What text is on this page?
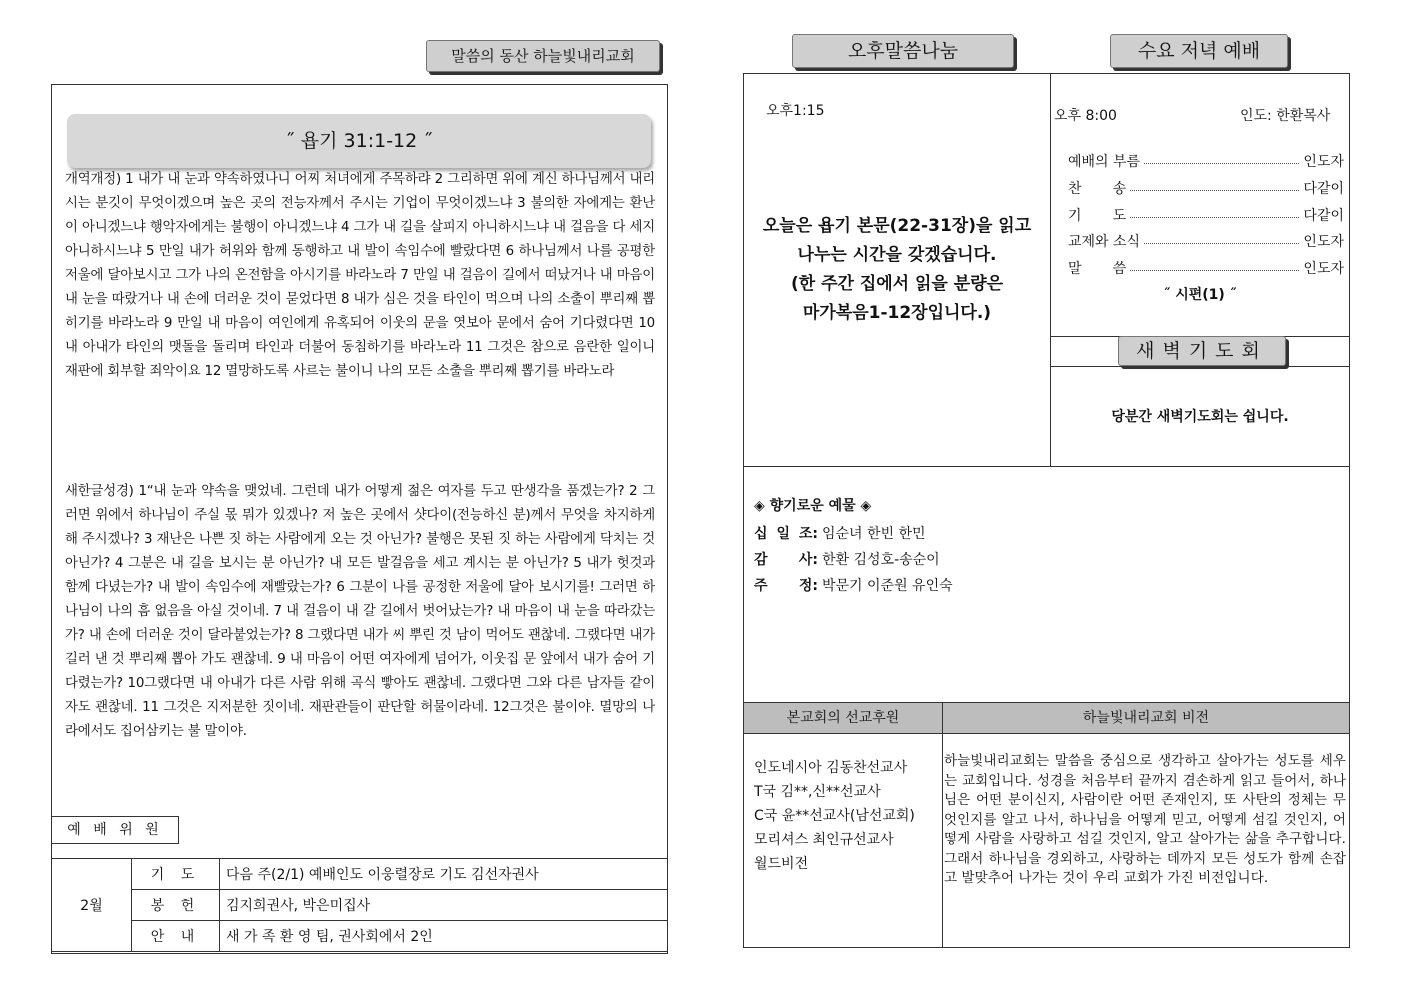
말씀의 동산 하늘빛내리교회
˝ 욥기 31:1-12 ˝
개역개정) 1 내가 내 눈과 약속하였나니 어찌 처녀에게 주목하랴 2 그리하면 위에 계신 하나님께서 내리시는 분깃이 무엇이겠으며 높은 곳의 전능자께서 주시는 기업이 무엇이겠느냐 3 불의한 자에게는 환난이 아니겠느냐 행악자에게는 불행이 아니겠느냐 4 그가 내 길을 살피지 아니하시느냐 내 걸음을 다 세지 아니하시느냐 5 만일 내가 허위와 함께 동행하고 내 발이 속임수에 빨랐다면 6 하나님께서 나를 공평한 저울에 달아보시고 그가 나의 온전함을 아시기를 바라노라 7 만일 내 걸음이 길에서 떠났거나 내 마음이 내 눈을 따랐거나 내 손에 더러운 것이 묻었다면 8 내가 심은 것을 타인이 먹으며 나의 소출이 뿌리째 뽑히기를 바라노라 9 만일 내 마음이 여인에게 유혹되어 이웃의 문을 엿보아 문에서 숨어 기다렸다면 10 내 아내가 타인의 맷돌을 돌리며 타인과 더불어 동침하기를 바라노라 11 그것은 참으로 음란한 일이니 재판에 회부할 죄악이요 12 멸망하도록 사르는 불이니 나의 모든 소출을 뿌리째 뽑기를 바라노라
새한글성경) 1“내 눈과 약속을 맺었네. 그런데 내가 어떻게 젊은 여자를 두고 딴생각을 품겠는가? 2 그러면 위에서 하나님이 주실 몫 뭐가 있겠나? 저 높은 곳에서 샷다이(전능하신 분)께서 무엇을 차지하게 해 주시겠나? 3 재난은 나쁜 짓 하는 사람에게 오는 것 아닌가? 불행은 못된 짓 하는 사람에게 닥치는 것 아닌가? 4 그분은 내 길을 보시는 분 아닌가? 내 모든 발걸음을 세고 계시는 분 아닌가? 5 내가 헛것과 함께 다녔는가? 내 발이 속임수에 재빨랐는가? 6 그분이 나를 공정한 저울에 달아 보시기를! 그러면 하나님이 나의 흠 없음을 아실 것이네. 7 내 걸음이 내 갈 길에서 벗어났는가? 내 마음이 내 눈을 따라갔는가? 내 손에 더러운 것이 달라붙었는가? 8 그랬다면 내가 씨 뿌린 것 남이 먹어도 괜찮네. 그랬다면 내가 길러 낸 것 뿌리째 뽑아 가도 괜찮네. 9 내 마음이 어떤 여자에게 넘어가, 이웃집 문 앞에서 내가 숨어 기다렸는가? 10그랬다면 내 아내가 다른 사람 위해 곡식 빻아도 괜찮네. 그랬다면 그와 다른 남자들 같이 자도 괜찮네. 11 그것은 지저분한 짓이네. 재판관들이 판단할 허물이라네. 12그것은 불이야. 멸망의 나라에서도 집어삼키는 불 말이야.
예 배 위 원
2월	기 도	다음 주(2/1) 예배인도 이웅렬장로 기도 김선자권사
	봉 헌	김지희권사, 박은미집사
	안 내	새 가 족 환 영 팀, 권사회에서 2인
오후말씀나눔	수요 저녁 예배
오후1:15
오늘은 욥기 본문(22-31장)을 읽고
나누는 시간을 갖겠습니다.
(한 주간 집에서 읽을 분량은
마가복음1-12장입니다.)
오후 8:00	인도: 한환목사
예배의 부름	인도자
찬       송	다같이
기       도	다같이
교제와 소식	인도자
말       씀	인도자
˝ 시편(1) ˝
새벽기도회
당분간 새벽기도회는 쉽니다.
◈ 향기로운 예물 ◈
십 일 조: 임순녀 한빈 한민
감 사: 한환 김성호-송순이
주 정: 박문기 이준원 유인숙
본교회의 선교후원	하늘빛내리교회 비전
인도네시아 김동찬선교사
T국 김**,신**선교사
C국 윤**선교사(남선교회)
모리셔스 최인규선교사
월드비전
하늘빛내리교회는 말씀을 중심으로 생각하고 살아가는 성도를 세우는 교회입니다. 성경을 처음부터 끝까지 겸손하게 읽고 들어서, 하나님은 어떤 분이신지, 사람이란 어떤 존재인지, 또 사탄의 정체는 무엇인지를 알고 나서, 하나님을 어떻게 믿고, 어떻게 섬길 것인지, 어떻게 사람을 사랑하고 섬길 것인지, 알고 살아가는 삶을 추구합니다. 그래서 하나님을 경외하고, 사랑하는 데까지 모든 성도가 함께 손잡고 발맞추어 나가는 것이 우리 교회가 가진 비전입니다.
